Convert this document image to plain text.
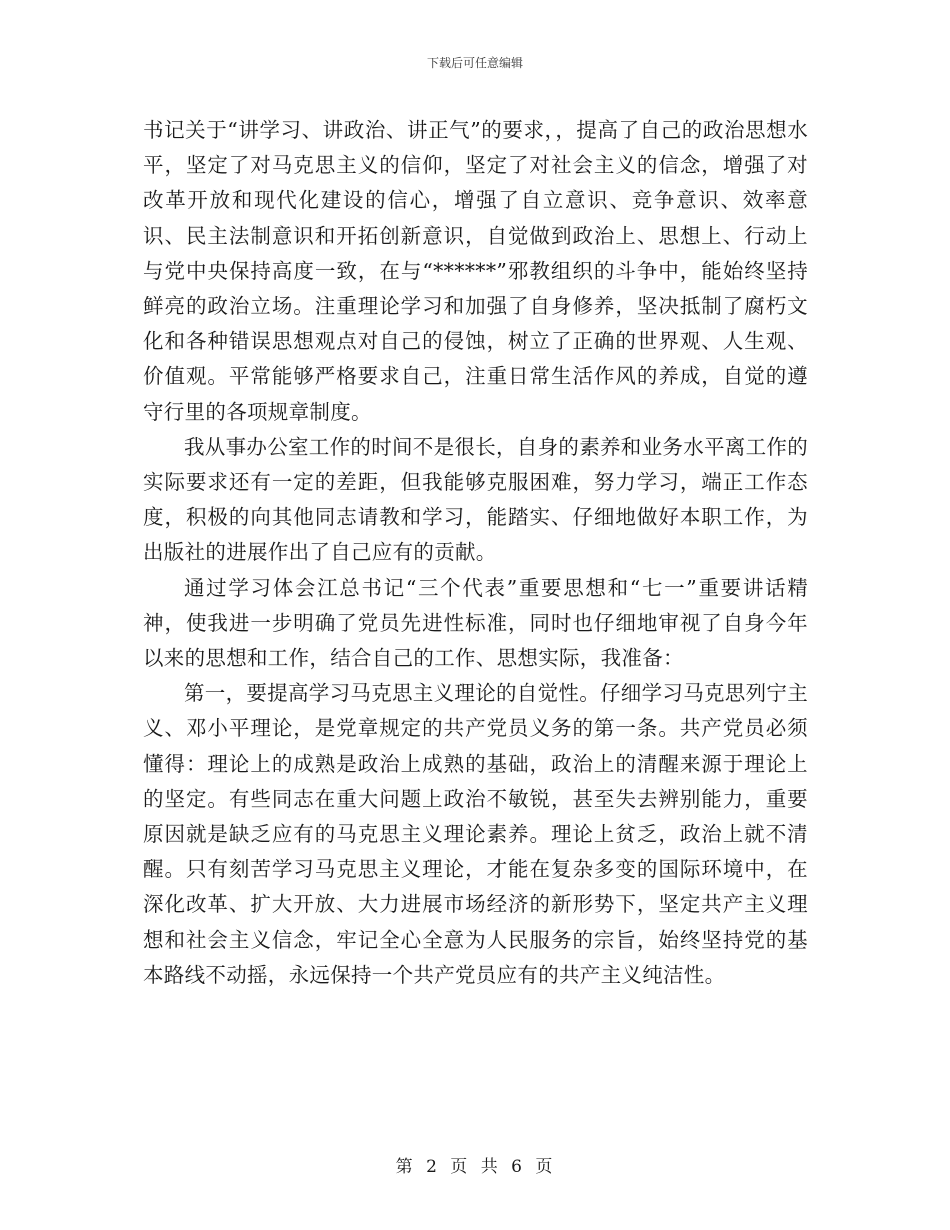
下载后可任意编辑

书记关于“讲学习、讲政治、讲正气”的要求，，提高了自己的政治思想水平，坚定了对马克思主义的信仰，坚定了对社会主义的信念，增强了对改革开放和现代化建设的信心，增强了自立意识、竞争意识、效率意识、民主法制意识和开拓创新意识，自觉做到政治上、思想上、行动上与党中央保持高度一致，在与“******”邪教组织的斗争中，能始终坚持鲜亮的政治立场。注重理论学习和加强了自身修养，坚决抵制了腐朽文化和各种错误思想观点对自己的侵蚀，树立了正确的世界观、人生观、价值观。平常能够严格要求自己，注重日常生活作风的养成，自觉的遵守行里的各项规章制度。

我从事办公室工作的时间不是很长，自身的素养和业务水平离工作的实际要求还有一定的差距，但我能够克服困难，努力学习，端正工作态度，积极的向其他同志请教和学习，能踏实、仔细地做好本职工作，为出版社的进展作出了自己应有的贡献。

通过学习体会江总书记“三个代表”重要思想和“七一”重要讲话精神，使我进一步明确了党员先进性标准，同时也仔细地审视了自身今年以来的思想和工作，结合自己的工作、思想实际，我准备：

第一，要提高学习马克思主义理论的自觉性。仔细学习马克思列宁主义、邓小平理论，是党章规定的共产党员义务的第一条。共产党员必须懂得：理论上的成熟是政治上成熟的基础，政治上的清醒来源于理论上的坚定。有些同志在重大问题上政治不敏锐，甚至失去辨别能力，重要原因就是缺乏应有的马克思主义理论素养。理论上贫乏，政治上就不清醒。只有刻苦学习马克思主义理论，才能在复杂多变的国际环境中，在深化改革、扩大开放、大力进展市场经济的新形势下，坚定共产主义理想和社会主义信念，牢记全心全意为人民服务的宗旨，始终坚持党的基本路线不动摇，永远保持一个共产党员应有的共产主义纯洁性。

第 2 页 共 6 页
